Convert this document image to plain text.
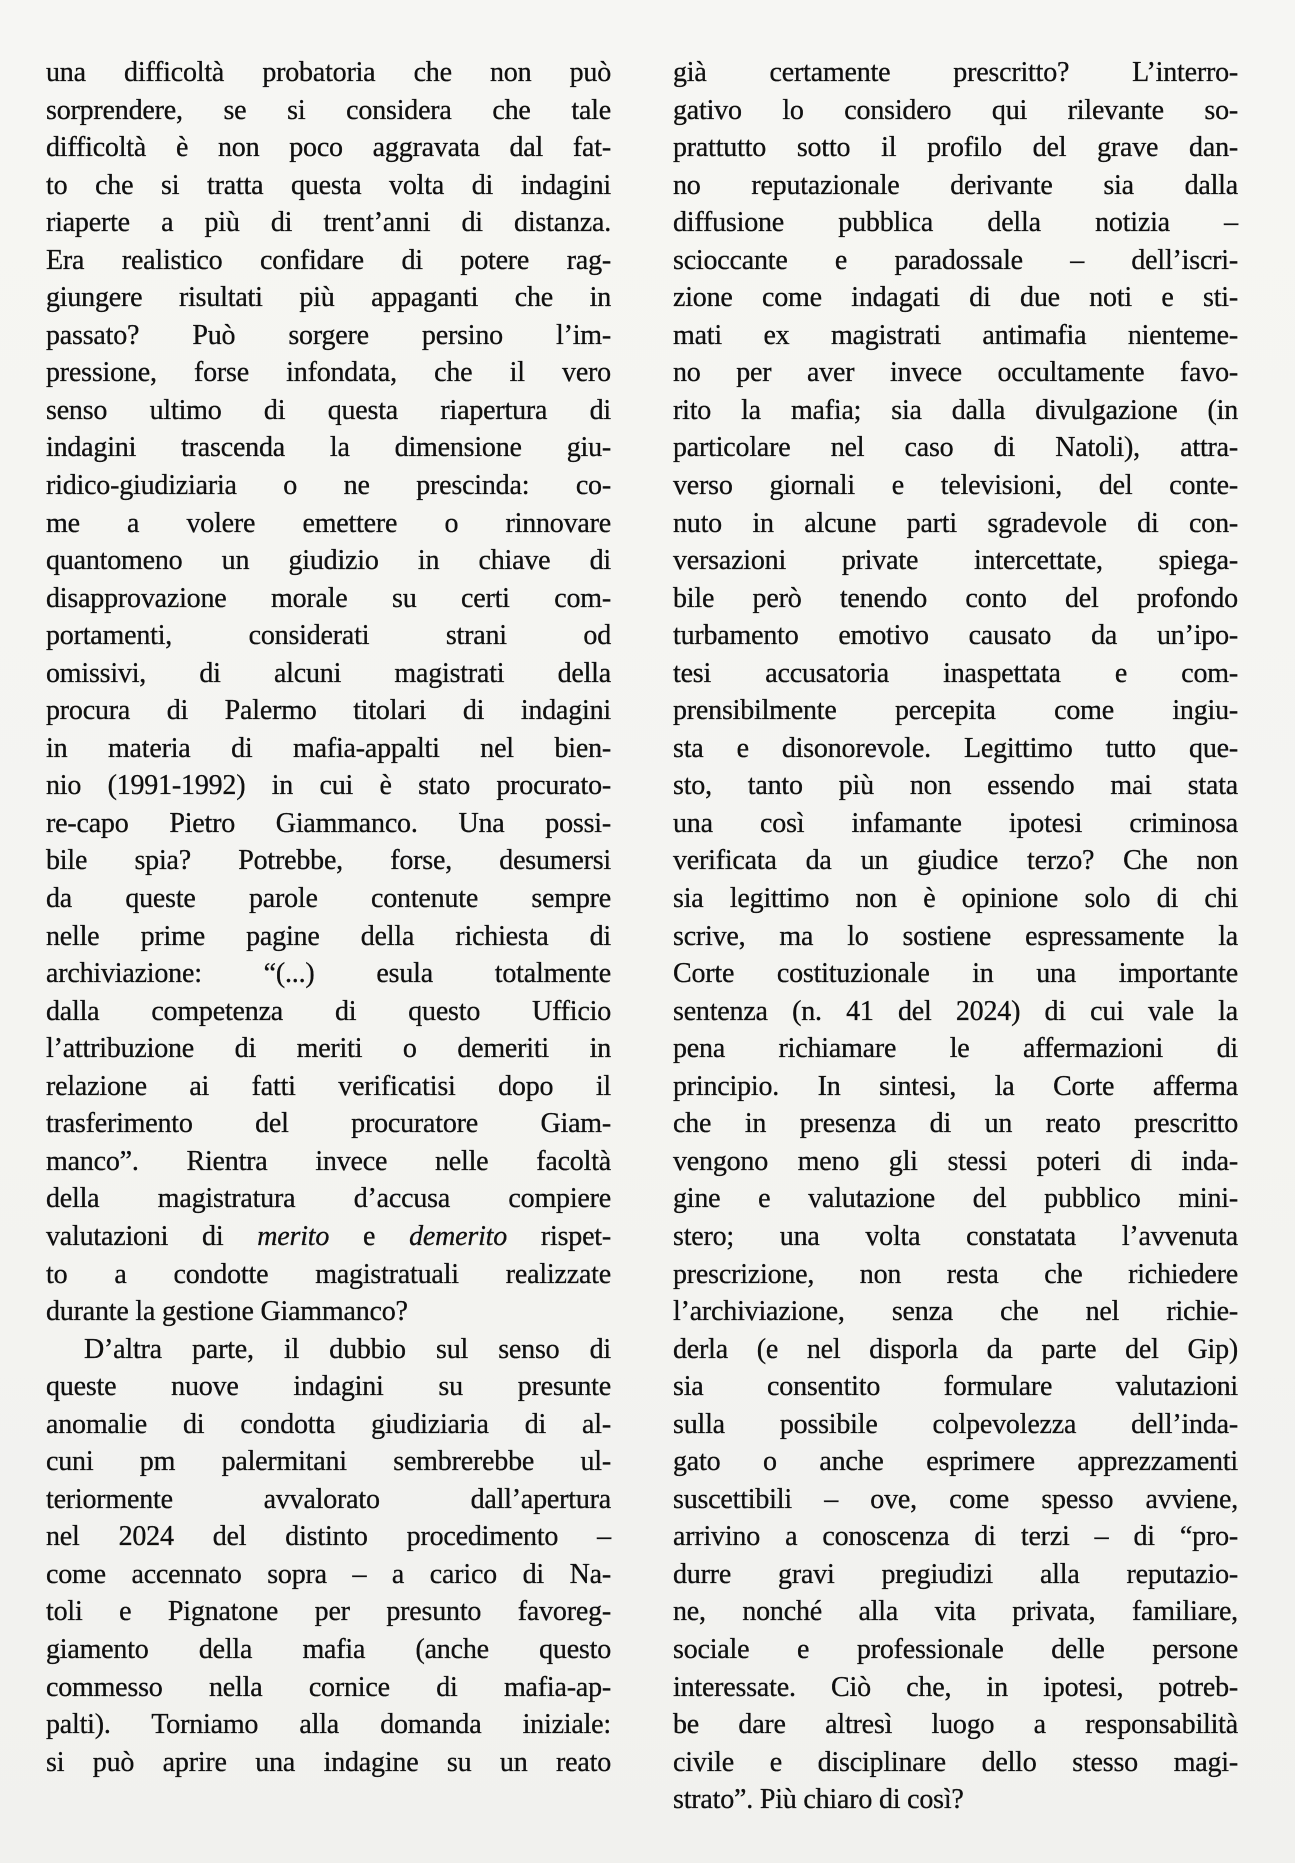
una difficoltà probatoria che non può
sorprendere, se si considera che tale
difficoltà è non poco aggravata dal fat-
to che si tratta questa volta di indagini
riaperte a più di trent’anni di distanza.
Era realistico confidare di potere rag-
giungere risultati più appaganti che in
passato? Può sorgere persino l’im-
pressione, forse infondata, che il vero
senso ultimo di questa riapertura di
indagini trascenda la dimensione giu-
ridico-giudiziaria o ne prescinda: co-
me a volere emettere o rinnovare
quantomeno un giudizio in chiave di
disapprovazione morale su certi com-
portamenti, considerati strani od
omissivi, di alcuni magistrati della
procura di Palermo titolari di indagini
in materia di mafia-appalti nel bien-
nio (1991-1992) in cui è stato procurato-
re-capo Pietro Giammanco. Una possi-
bile spia? Potrebbe, forse, desumersi
da queste parole contenute sempre
nelle prime pagine della richiesta di
archiviazione: “(...) esula totalmente
dalla competenza di questo Ufficio
l’attribuzione di meriti o demeriti in
relazione ai fatti verificatisi dopo il
trasferimento del procuratore Giam-
manco”. Rientra invece nelle facoltà
della magistratura d’accusa compiere
valutazioni di merito e demerito rispet-
to a condotte magistratuali realizzate
durante la gestione Giammanco?
D’altra parte, il dubbio sul senso di
queste nuove indagini su presunte
anomalie di condotta giudiziaria di al-
cuni pm palermitani sembrerebbe ul-
teriormente avvalorato dall’apertura
nel 2024 del distinto procedimento –
come accennato sopra – a carico di Na-
toli e Pignatone per presunto favoreg-
giamento della mafia (anche questo
commesso nella cornice di mafia-ap-
palti). Torniamo alla domanda iniziale:
si può aprire una indagine su un reato
già certamente prescritto? L’interro-
gativo lo considero qui rilevante so-
prattutto sotto il profilo del grave dan-
no reputazionale derivante sia dalla
diffusione pubblica della notizia –
scioccante e paradossale – dell’iscri-
zione come indagati di due noti e sti-
mati ex magistrati antimafia nienteme-
no per aver invece occultamente favo-
rito la mafia; sia dalla divulgazione (in
particolare nel caso di Natoli), attra-
verso giornali e televisioni, del conte-
nuto in alcune parti sgradevole di con-
versazioni private intercettate, spiega-
bile però tenendo conto del profondo
turbamento emotivo causato da un’ipo-
tesi accusatoria inaspettata e com-
prensibilmente percepita come ingiu-
sta e disonorevole. Legittimo tutto que-
sto, tanto più non essendo mai stata
una così infamante ipotesi criminosa
verificata da un giudice terzo? Che non
sia legittimo non è opinione solo di chi
scrive, ma lo sostiene espressamente la
Corte costituzionale in una importante
sentenza (n. 41 del 2024) di cui vale la
pena richiamare le affermazioni di
principio. In sintesi, la Corte afferma
che in presenza di un reato prescritto
vengono meno gli stessi poteri di inda-
gine e valutazione del pubblico mini-
stero; una volta constatata l’avvenuta
prescrizione, non resta che richiedere
l’archiviazione, senza che nel richie-
derla (e nel disporla da parte del Gip)
sia consentito formulare valutazioni
sulla possibile colpevolezza dell’inda-
gato o anche esprimere apprezzamenti
suscettibili – ove, come spesso avviene,
arrivino a conoscenza di terzi – di “pro-
durre gravi pregiudizi alla reputazio-
ne, nonché alla vita privata, familiare,
sociale e professionale delle persone
interessate. Ciò che, in ipotesi, potreb-
be dare altresì luogo a responsabilità
civile e disciplinare dello stesso magi-
strato”. Più chiaro di così?
